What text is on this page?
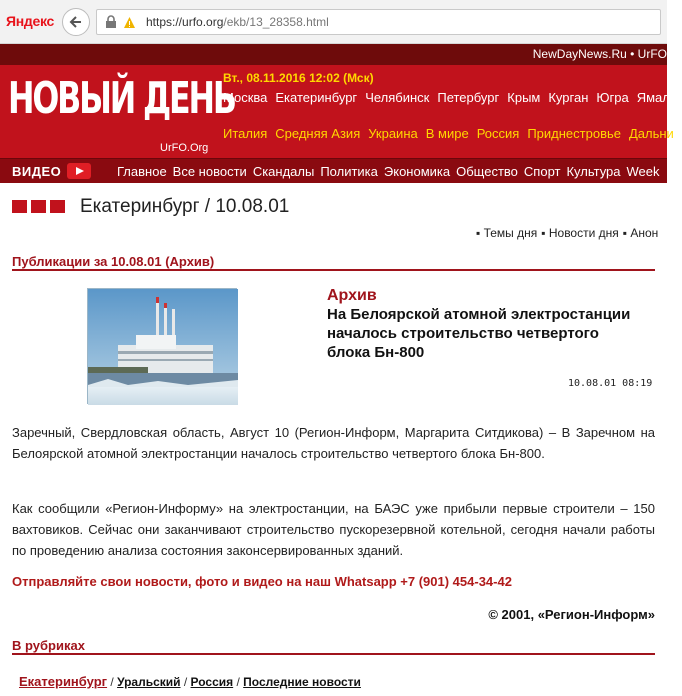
Яндекс	https://urfo.org/ekb/13_28358.html
NewDayNews.Ru • UrFO
НОВЫЙ ДЕНЬ
UrFO.Org
Вт., 08.11.2016 12:02 (Мск)
Москва Екатеринбург Челябинск Петербург Крым Курган Югра Ямал
Италия Средняя Азия Украина В мире Россия Приднестровье Дальни
ВИДЕО	Главное Все новости Скандалы Политика Экономика Общество Спорт Культура Week
Екатеринбург / 10.08.01
▪ Темы дня ▪ Новости дня ▪ Анон
Публикации за 10.08.01 (Архив)
Архив
На Белоярской атомной электростанции началось строительство четвертого блока Бн-800
10.08.01 08:19
Заречный, Свердловская область, Август 10 (Регион-Информ, Маргарита Ситдикова) – В Заречном на Белоярской атомной электростанции началось строительство четвертого блока Бн-800.
Как сообщили «Регион-Информу» на электростанции, на БАЭС уже прибыли первые строители – 150 вахтовиков. Сейчас они заканчивают строительство пускорезервной котельной, сегодня начали работы по проведению анализа состояния законсервированных зданий.
Отправляйте свои новости, фото и видео на наш Whatsapp +7 (901) 454-34-42
© 2001, «Регион-Информ»
В рубриках
Екатеринбург / Уральский / Россия / Последние новости
